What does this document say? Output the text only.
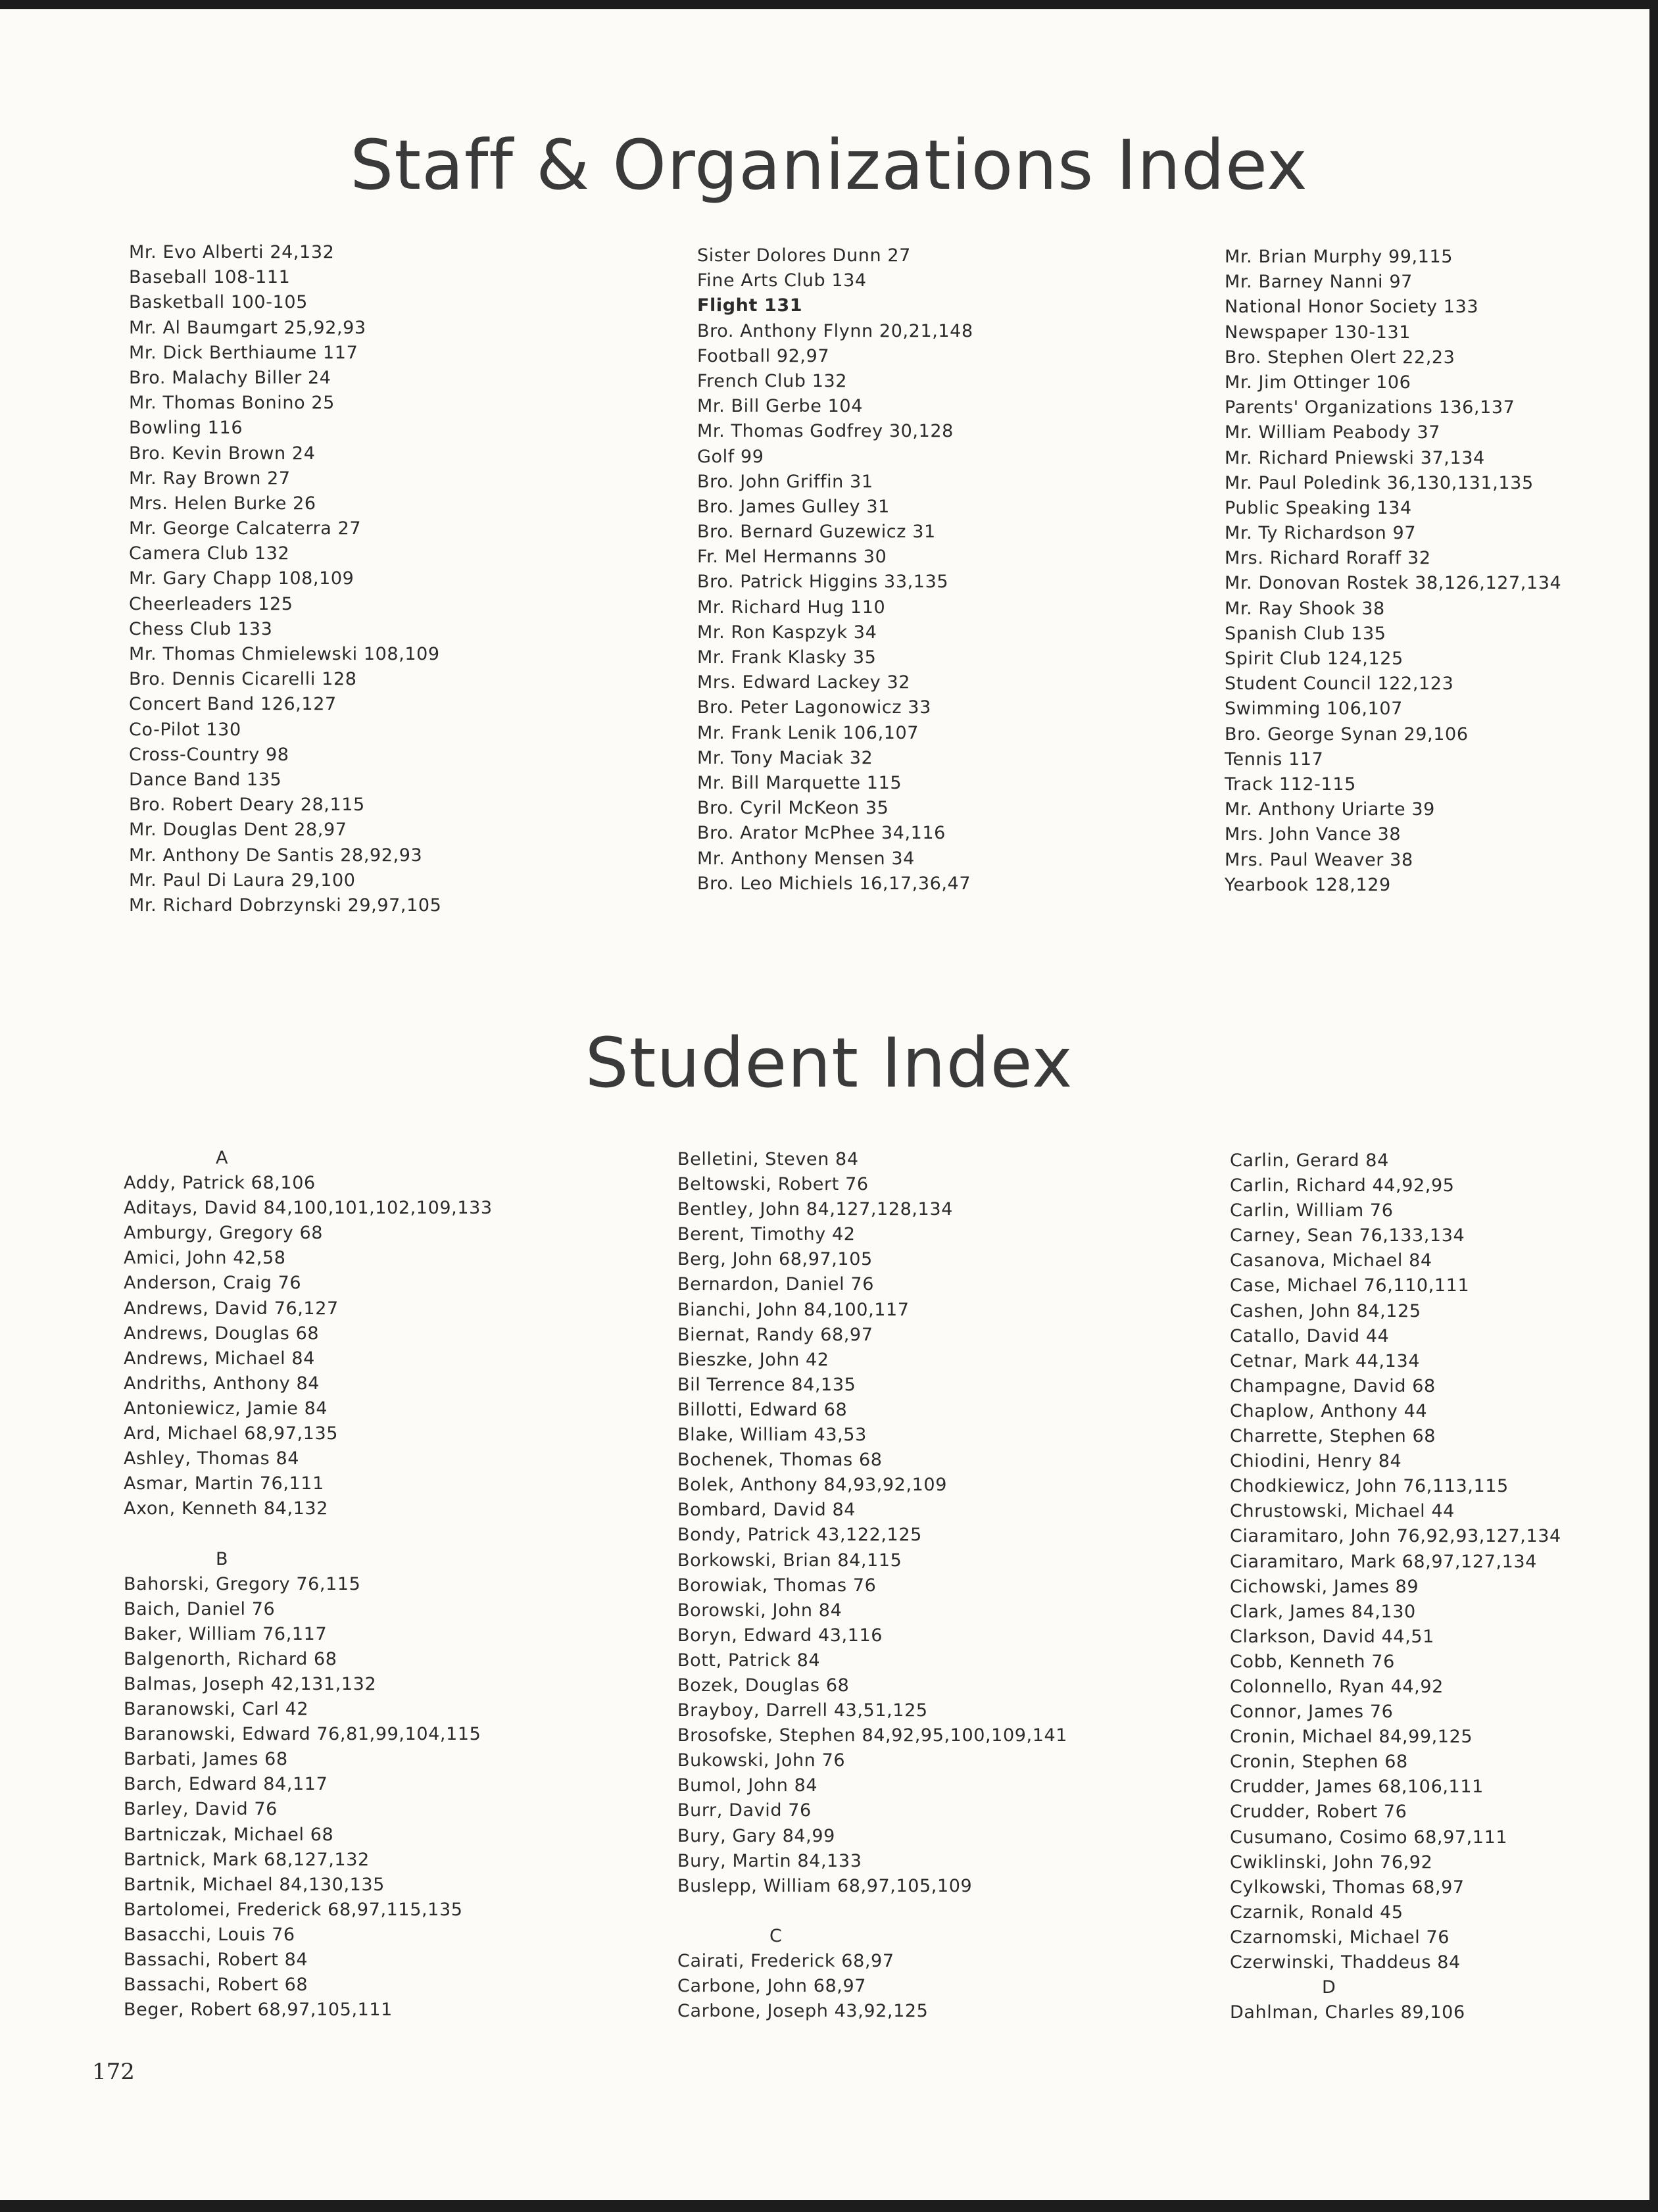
Staff & Organizations Index
Mr. Evo Alberti 24,132
Baseball 108-111
Basketball 100-105
Mr. Al Baumgart 25,92,93
Mr. Dick Berthiaume 117
Bro. Malachy Biller 24
Mr. Thomas Bonino 25
Bowling 116
Bro. Kevin Brown 24
Mr. Ray Brown 27
Mrs. Helen Burke 26
Mr. George Calcaterra 27
Camera Club 132
Mr. Gary Chapp 108,109
Cheerleaders 125
Chess Club 133
Mr. Thomas Chmielewski 108,109
Bro. Dennis Cicarelli 128
Concert Band 126,127
Co-Pilot 130
Cross-Country 98
Dance Band 135
Bro. Robert Deary 28,115
Mr. Douglas Dent 28,97
Mr. Anthony De Santis 28,92,93
Mr. Paul Di Laura 29,100
Mr. Richard Dobrzynski 29,97,105
Sister Dolores Dunn 27
Fine Arts Club 134
Flight 131
Bro. Anthony Flynn 20,21,148
Football 92,97
French Club 132
Mr. Bill Gerbe 104
Mr. Thomas Godfrey 30,128
Golf 99
Bro. John Griffin 31
Bro. James Gulley 31
Bro. Bernard Guzewicz 31
Fr. Mel Hermanns 30
Bro. Patrick Higgins 33,135
Mr. Richard Hug 110
Mr. Ron Kaspzyk 34
Mr. Frank Klasky 35
Mrs. Edward Lackey 32
Bro. Peter Lagonowicz 33
Mr. Frank Lenik 106,107
Mr. Tony Maciak 32
Mr. Bill Marquette 115
Bro. Cyril McKeon 35
Bro. Arator McPhee 34,116
Mr. Anthony Mensen 34
Bro. Leo Michiels 16,17,36,47
Mr. Brian Murphy 99,115
Mr. Barney Nanni 97
National Honor Society 133
Newspaper 130-131
Bro. Stephen Olert 22,23
Mr. Jim Ottinger 106
Parents' Organizations 136,137
Mr. William Peabody 37
Mr. Richard Pniewski 37,134
Mr. Paul Poledink 36,130,131,135
Public Speaking 134
Mr. Ty Richardson 97
Mrs. Richard Roraff 32
Mr. Donovan Rostek 38,126,127,134
Mr. Ray Shook 38
Spanish Club 135
Spirit Club 124,125
Student Council 122,123
Swimming 106,107
Bro. George Synan 29,106
Tennis 117
Track 112-115
Mr. Anthony Uriarte 39
Mrs. John Vance 38
Mrs. Paul Weaver 38
Yearbook 128,129
Student Index
A
Addy, Patrick 68,106
Aditays, David 84,100,101,102,109,133
Amburgy, Gregory 68
Amici, John 42,58
Anderson, Craig 76
Andrews, David 76,127
Andrews, Douglas 68
Andrews, Michael 84
Andriths, Anthony 84
Antoniewicz, Jamie 84
Ard, Michael 68,97,135
Ashley, Thomas 84
Asmar, Martin 76,111
Axon, Kenneth 84,132
B
Bahorski, Gregory 76,115
Baich, Daniel 76
Baker, William 76,117
Balgenorth, Richard 68
Balmas, Joseph 42,131,132
Baranowski, Carl 42
Baranowski, Edward 76,81,99,104,115
Barbati, James 68
Barch, Edward 84,117
Barley, David 76
Bartniczak, Michael 68
Bartnick, Mark 68,127,132
Bartnik, Michael 84,130,135
Bartolomei, Frederick 68,97,115,135
Basacchi, Louis 76
Bassachi, Robert 84
Bassachi, Robert 68
Beger, Robert 68,97,105,111
Belletini, Steven 84
Beltowski, Robert 76
Bentley, John 84,127,128,134
Berent, Timothy 42
Berg, John 68,97,105
Bernardon, Daniel 76
Bianchi, John 84,100,117
Biernat, Randy 68,97
Bieszke, John 42
Bil Terrence 84,135
Billotti, Edward 68
Blake, William 43,53
Bochenek, Thomas 68
Bolek, Anthony 84,93,92,109
Bombard, David 84
Bondy, Patrick 43,122,125
Borkowski, Brian 84,115
Borowiak, Thomas 76
Borowski, John 84
Boryn, Edward 43,116
Bott, Patrick 84
Bozek, Douglas 68
Brayboy, Darrell 43,51,125
Brosofske, Stephen 84,92,95,100,109,141
Bukowski, John 76
Bumol, John 84
Burr, David 76
Bury, Gary 84,99
Bury, Martin 84,133
Buslepp, William 68,97,105,109
C
Cairati, Frederick 68,97
Carbone, John 68,97
Carbone, Joseph 43,92,125
Carlin, Gerard 84
Carlin, Richard 44,92,95
Carlin, William 76
Carney, Sean 76,133,134
Casanova, Michael 84
Case, Michael 76,110,111
Cashen, John 84,125
Catallo, David 44
Cetnar, Mark 44,134
Champagne, David 68
Chaplow, Anthony 44
Charrette, Stephen 68
Chiodini, Henry 84
Chodkiewicz, John 76,113,115
Chrustowski, Michael 44
Ciaramitaro, John 76,92,93,127,134
Ciaramitaro, Mark 68,97,127,134
Cichowski, James 89
Clark, James 84,130
Clarkson, David 44,51
Cobb, Kenneth 76
Colonnello, Ryan 44,92
Connor, James 76
Cronin, Michael 84,99,125
Cronin, Stephen 68
Crudder, James 68,106,111
Crudder, Robert 76
Cusumano, Cosimo 68,97,111
Cwiklinski, John 76,92
Cylkowski, Thomas 68,97
Czarnik, Ronald 45
Czarnomski, Michael 76
Czerwinski, Thaddeus 84
D
Dahlman, Charles 89,106
172
